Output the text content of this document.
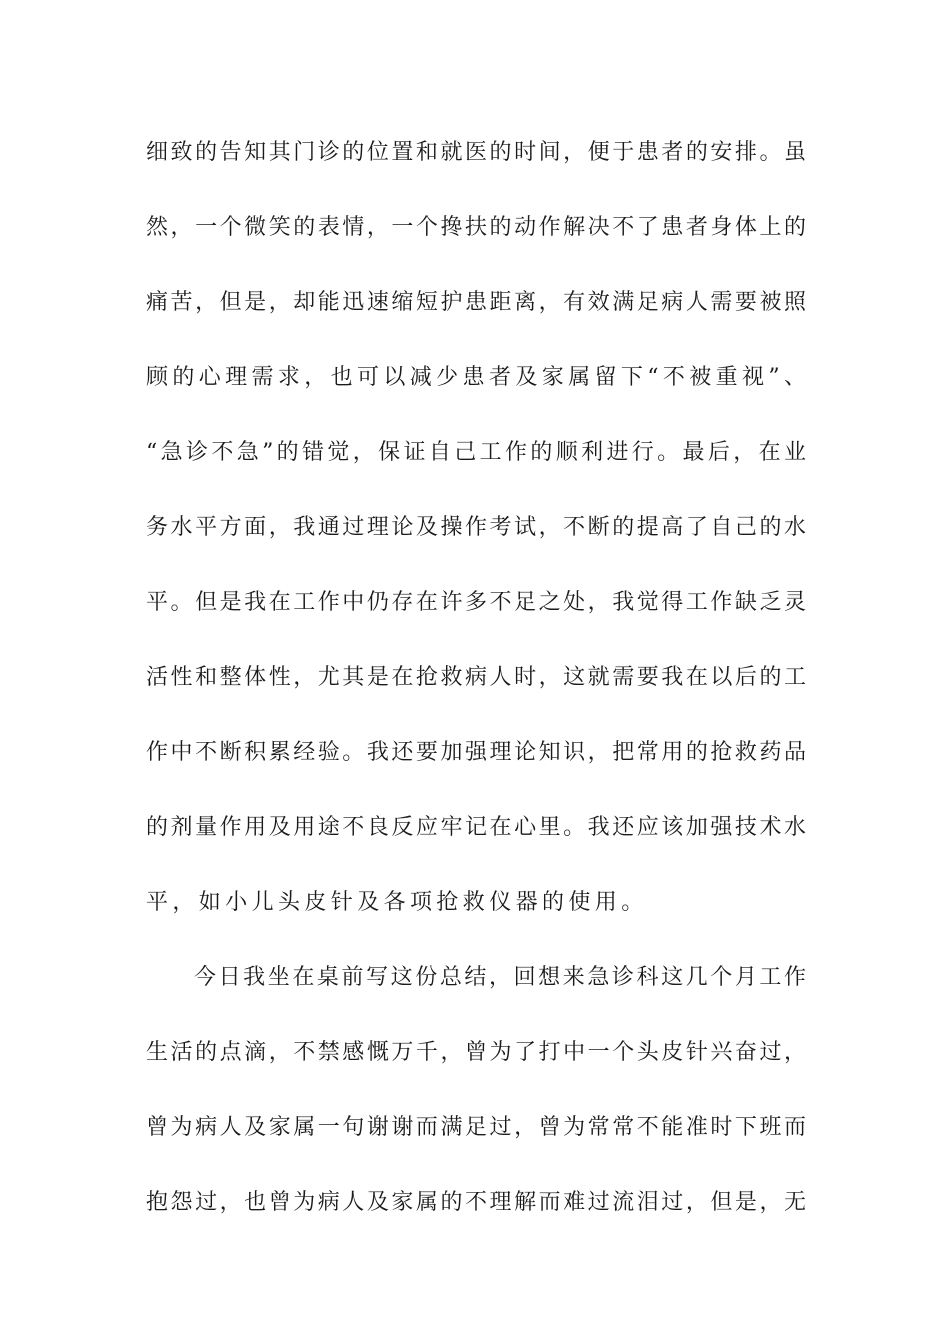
细致的告知其门诊的位置和就医的时间，便于患者的安排。虽
然，一个微笑的表情，一个搀扶的动作解决不了患者身体上的
痛苦，但是，却能迅速缩短护患距离，有效满足病人需要被照
顾的心理需求，也可以减少患者及家属留下“不被重视”、
“急诊不急”的错觉，保证自己工作的顺利进行。最后，在业
务水平方面，我通过理论及操作考试，不断的提高了自己的水
平。但是我在工作中仍存在许多不足之处，我觉得工作缺乏灵
活性和整体性，尤其是在抢救病人时，这就需要我在以后的工
作中不断积累经验。我还要加强理论知识，把常用的抢救药品
的剂量作用及用途不良反应牢记在心里。我还应该加强技术水
平，如小儿头皮针及各项抢救仪器的使用。
今日我坐在桌前写这份总结，回想来急诊科这几个月工作
生活的点滴，不禁感慨万千，曾为了打中一个头皮针兴奋过，
曾为病人及家属一句谢谢而满足过，曾为常常不能准时下班而
抱怨过，也曾为病人及家属的不理解而难过流泪过，但是，无
